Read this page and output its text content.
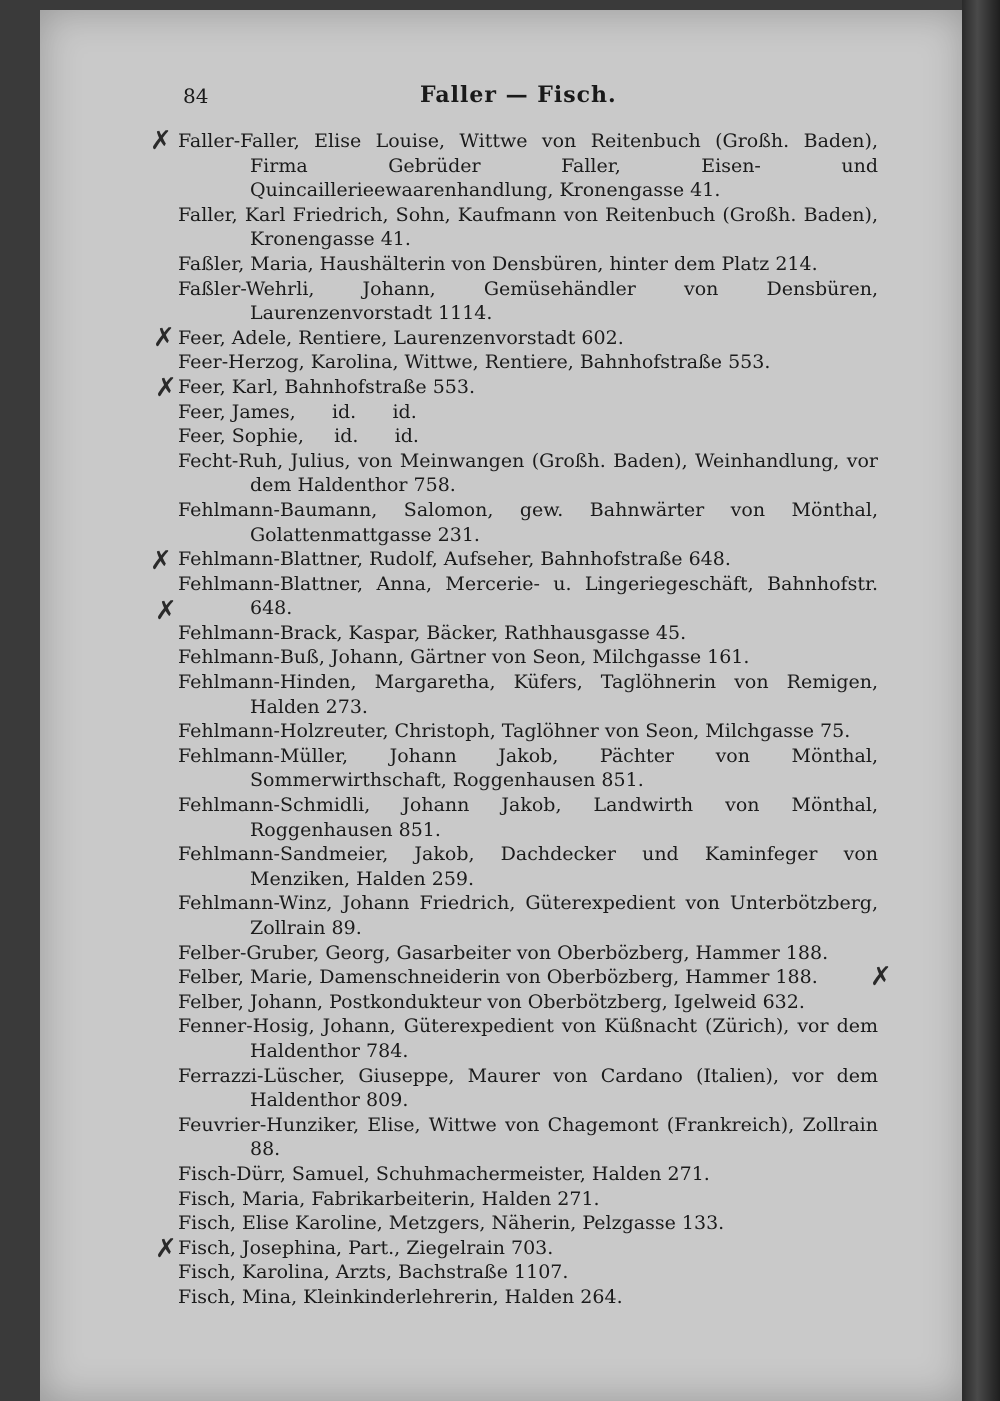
84	Faller — Fisch.

Faller-Faller, Elise Louise, Wittwe von Reitenbuch (Großh. Baden), Firma Gebrüder Faller, Eisen- und Quincaillerieewaarenhandlung, Kronengasse 41.

Faller, Karl Friedrich, Sohn, Kaufmann von Reitenbuch (Großh. Baden), Kronengasse 41.

Faßler, Maria, Haushälterin von Densbüren, hinter dem Platz 214.

Faßler-Wehrli, Johann, Gemüsehändler von Densbüren, Laurenzenvorstadt 1114.

Feer, Adele, Rentiere, Laurenzenvorstadt 602.

Feer-Herzog, Karolina, Wittwe, Rentiere, Bahnhofstraße 553.

Feer, Karl, Bahnhofstraße 553.

Feer, James,      id.      id.

Feer, Sophie,     id.      id.

Fecht-Ruh, Julius, von Meinwangen (Großh. Baden), Weinhandlung, vor dem Haldenthor 758.

Fehlmann-Baumann, Salomon, gew. Bahnwärter von Mönthal, Golattenmattgasse 231.

Fehlmann-Blattner, Rudolf, Aufseher, Bahnhofstraße 648.

Fehlmann-Blattner, Anna, Mercerie- u. Lingeriegeschäft, Bahnhofstr. 648.

Fehlmann-Brack, Kaspar, Bäcker, Rathhausgasse 45.

Fehlmann-Buß, Johann, Gärtner von Seon, Milchgasse 161.

Fehlmann-Hinden, Margaretha, Küfers, Taglöhnerin von Remigen, Halden 273.

Fehlmann-Holzreuter, Christoph, Taglöhner von Seon, Milchgasse 75.

Fehlmann-Müller, Johann Jakob, Pächter von Mönthal, Sommerwirthschaft, Roggenhausen 851.

Fehlmann-Schmidli, Johann Jakob, Landwirth von Mönthal, Roggenhausen 851.

Fehlmann-Sandmeier, Jakob, Dachdecker und Kaminfeger von Menziken, Halden 259.

Fehlmann-Winz, Johann Friedrich, Güterexpedient von Unterbötzberg, Zollrain 89.

Felber-Gruber, Georg, Gasarbeiter von Oberbözberg, Hammer 188.

Felber, Marie, Damenschneiderin von Oberbözberg, Hammer 188.

Felber, Johann, Postkondukteur von Oberbötzberg, Igelweid 632.

Fenner-Hosig, Johann, Güterexpedient von Küßnacht (Zürich), vor dem Haldenthor 784.

Ferrazzi-Lüscher, Giuseppe, Maurer von Cardano (Italien), vor dem Haldenthor 809.

Feuvrier-Hunziker, Elise, Wittwe von Chagemont (Frankreich), Zollrain 88.

Fisch-Dürr, Samuel, Schuhmachermeister, Halden 271.

Fisch, Maria, Fabrikarbeiterin, Halden 271.

Fisch, Elise Karoline, Metzgers, Näherin, Pelzgasse 133.

Fisch, Josephina, Part., Ziegelrain 703.

Fisch, Karolina, Arzts, Bachstraße 1107.

Fisch, Mina, Kleinkinderlehrerin, Halden 264.

✗
✗
✗
✗
✗
✗
✗
